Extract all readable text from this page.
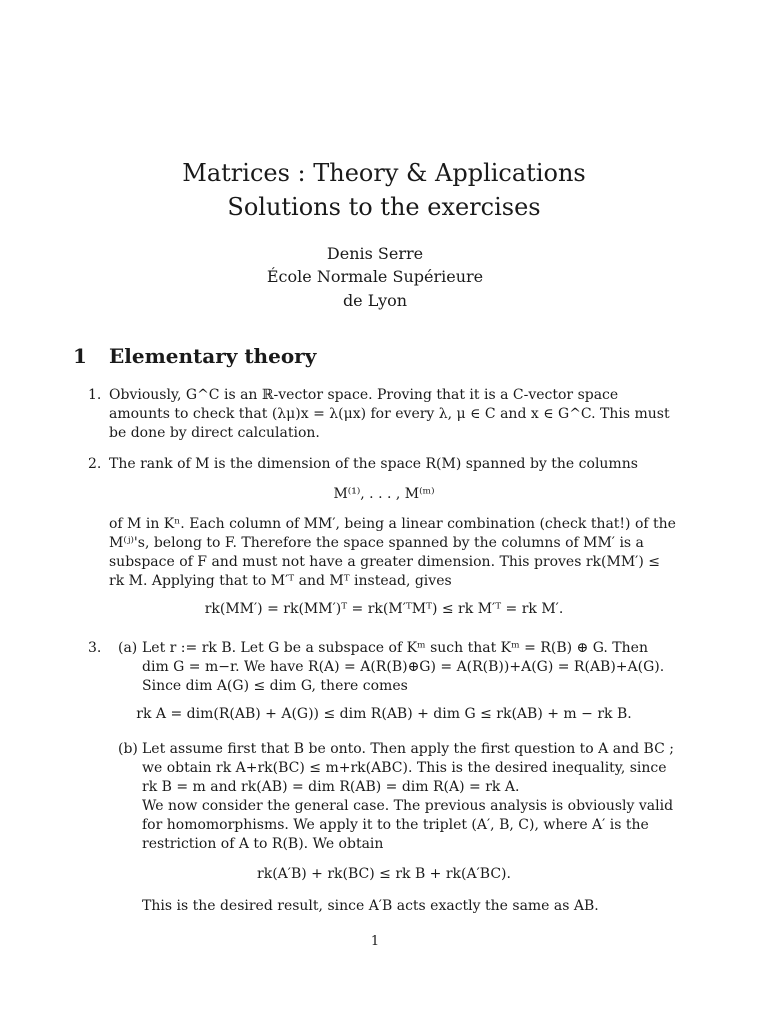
Matrices : Theory & Applications
Solutions to the exercises
Denis Serre
École Normale Supérieure
de Lyon
1 Elementary theory
1. Obviously, G^C is an ℝ-vector space. Proving that it is a C-vector space amounts to check that (λμ)x = λ(μx) for every λ, μ ∈ C and x ∈ G^C. This must be done by direct calculation.

2. The rank of M is the dimension of the space R(M) spanned by the columns

M⁽¹⁾, . . . , M⁽ᵐ⁾

of M in Kⁿ. Each column of MM′, being a linear combination (check that!) of the M⁽ʲ⁾'s, belong to F. Therefore the space spanned by the columns of MM′ is a subspace of F and must not have a greater dimension. This proves rk(MM′) ≤ rk M. Applying that to M′ᵀ and Mᵀ instead, gives

rk(MM′) = rk(MM′)ᵀ = rk(M′ᵀMᵀ) ≤ rk M′ᵀ = rk M′.
3. (a) Let r := rk B. Let G be a subspace of Kᵐ such that Kᵐ = R(B) ⊕ G. Then dim G = m−r. We have R(A) = A(R(B)⊕G) = A(R(B))+A(G) = R(AB)+A(G). Since dim A(G) ≤ dim G, there comes

rk A = dim(R(AB) + A(G)) ≤ dim R(AB) + dim G ≤ rk(AB) + m − rk B.
(b) Let assume first that B be onto. Then apply the first question to A and BC ; we obtain rk A+rk(BC) ≤ m+rk(ABC). This is the desired inequality, since rk B = m and rk(AB) = dim R(AB) = dim R(A) = rk A.

We now consider the general case. The previous analysis is obviously valid for homomorphisms. We apply it to the triplet (A′, B, C), where A′ is the restriction of A to R(B). We obtain

rk(A′B) + rk(BC) ≤ rk B + rk(A′BC).

This is the desired result, since A′B acts exactly the same as AB.

1
